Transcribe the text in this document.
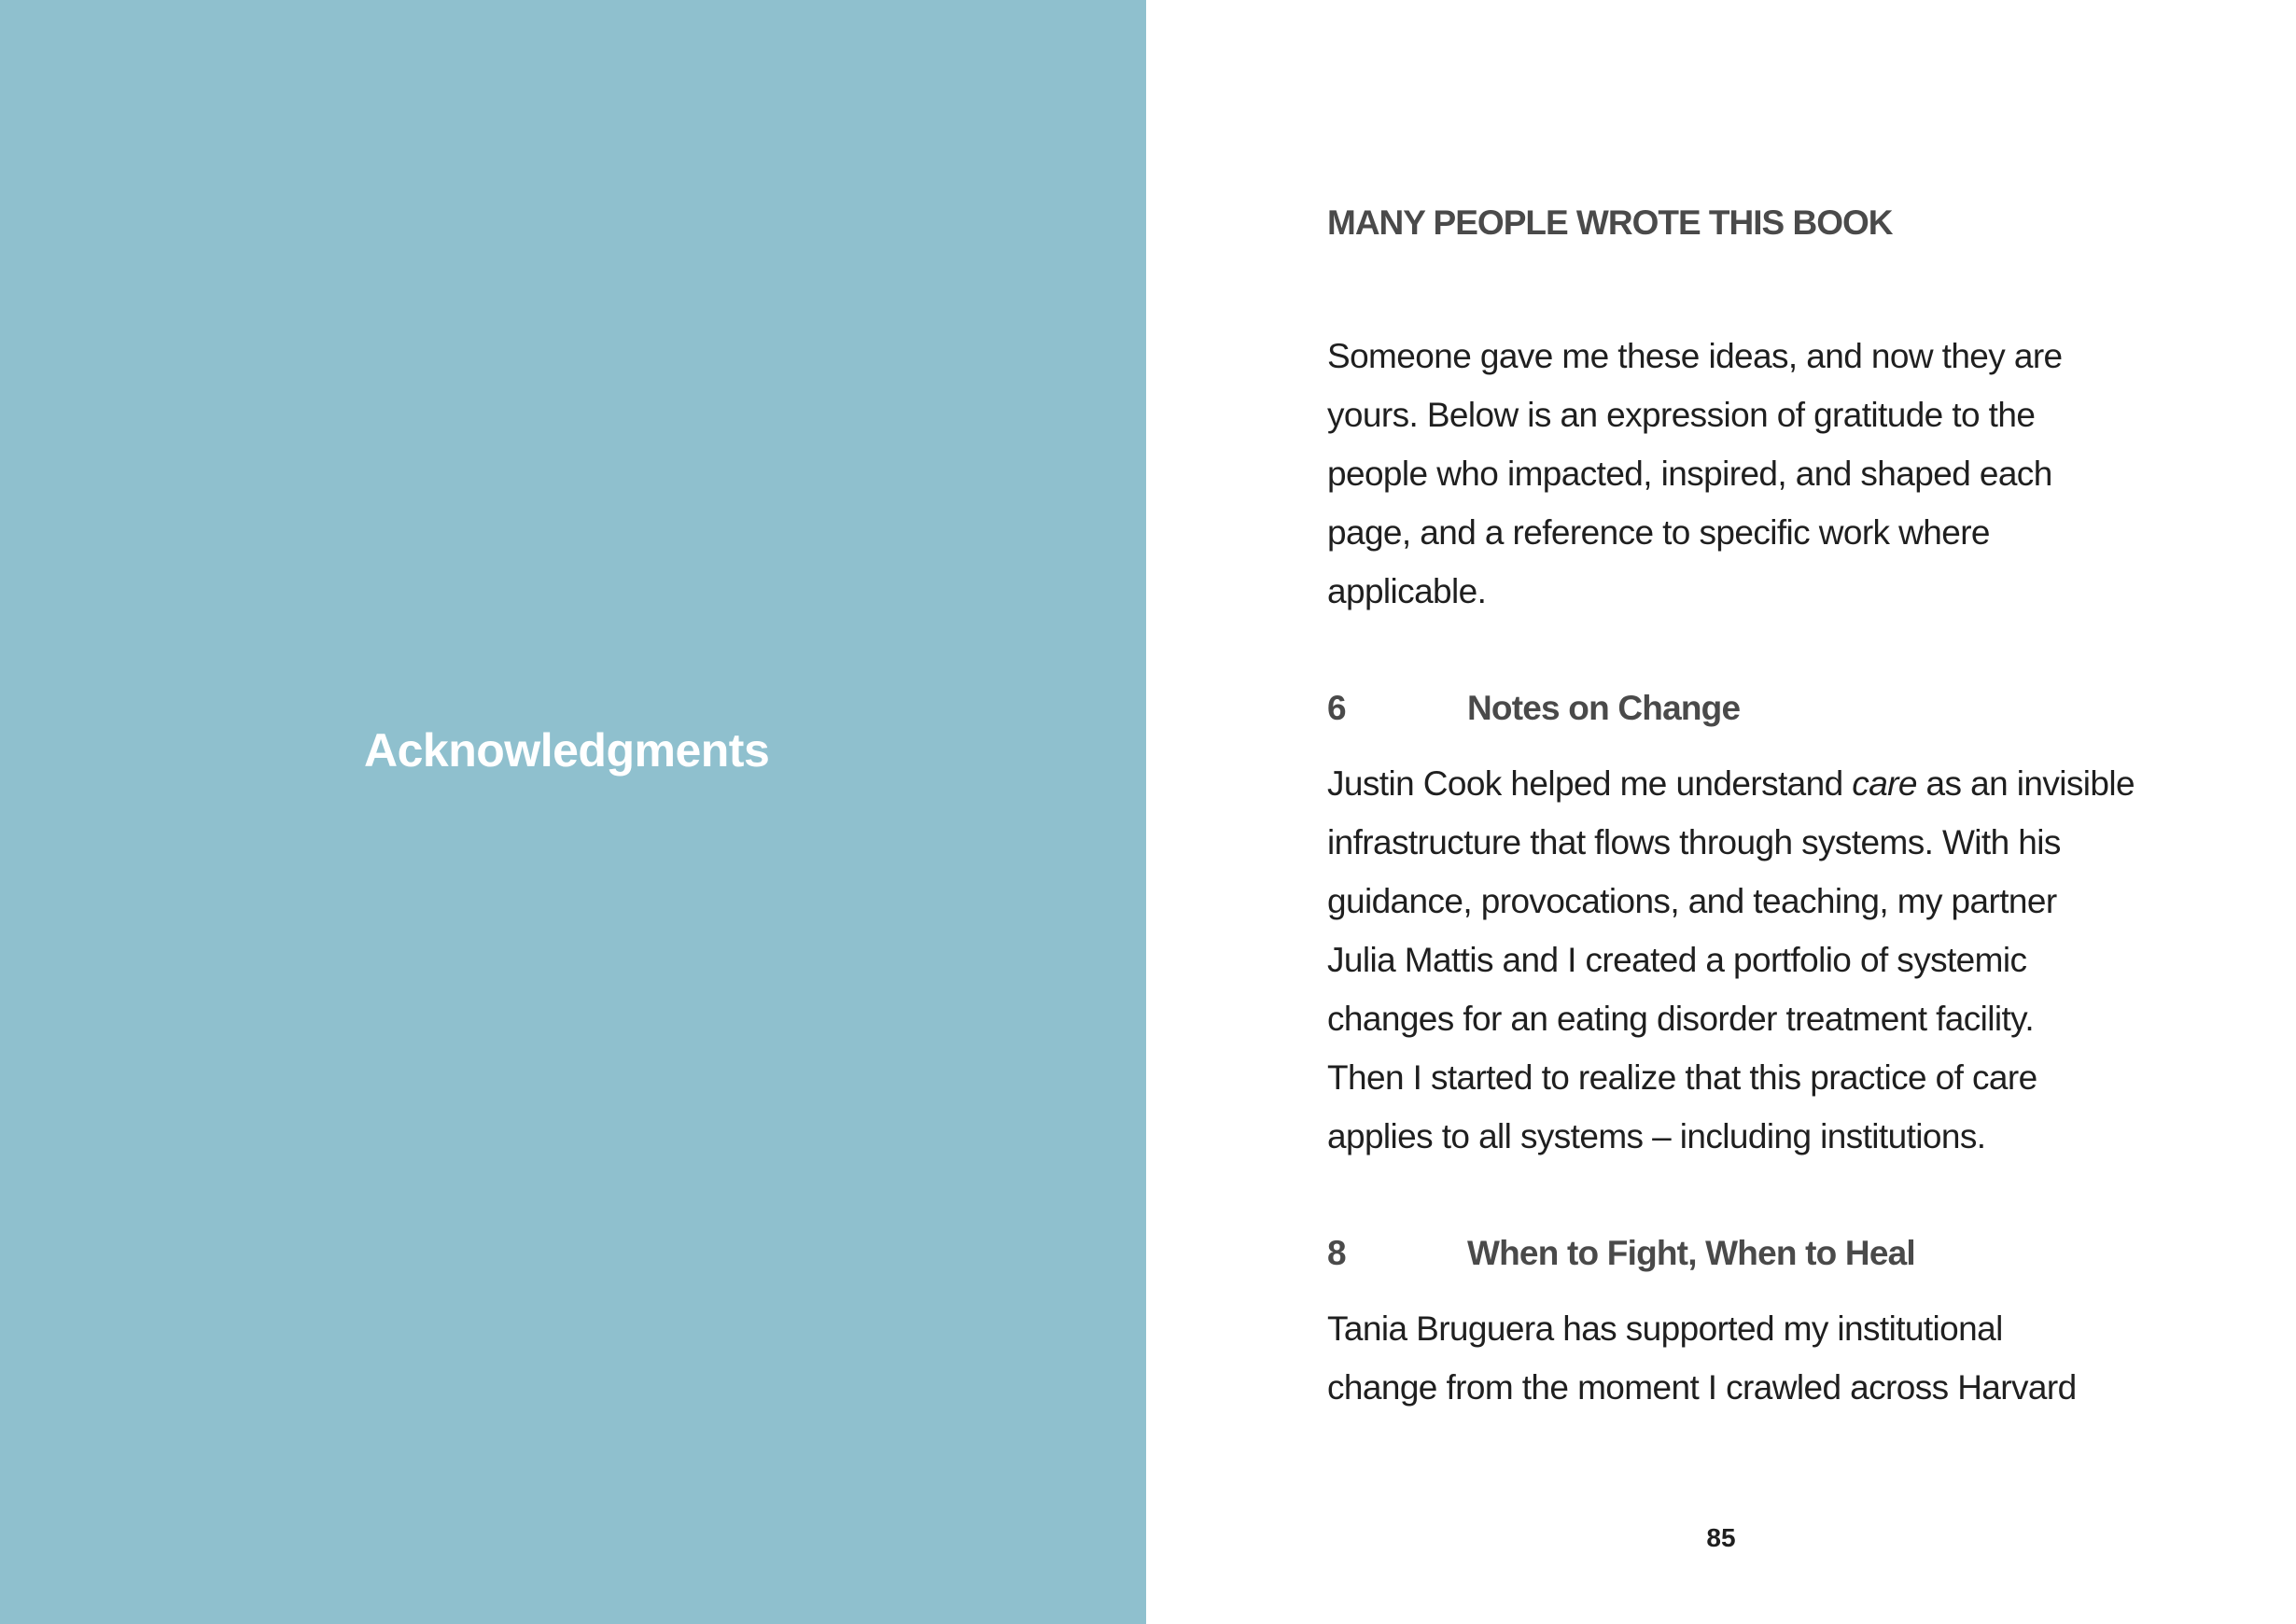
Acknowledgments
MANY PEOPLE WROTE THIS BOOK

Someone gave me these ideas, and now they are
yours. Below is an expression of gratitude to the
people who impacted, inspired, and shaped each
page, and a reference to specific work where
applicable.

6	Notes on Change

Justin Cook helped me understand care as an invisible
infrastructure that flows through systems. With his
guidance, provocations, and teaching, my partner
Julia Mattis and I created a portfolio of systemic
changes for an eating disorder treatment facility.
Then I started to realize that this practice of care
applies to all systems – including institutions.

8	When to Fight, When to Heal

Tania Bruguera has supported my institutional
change from the moment I crawled across Harvard

85
